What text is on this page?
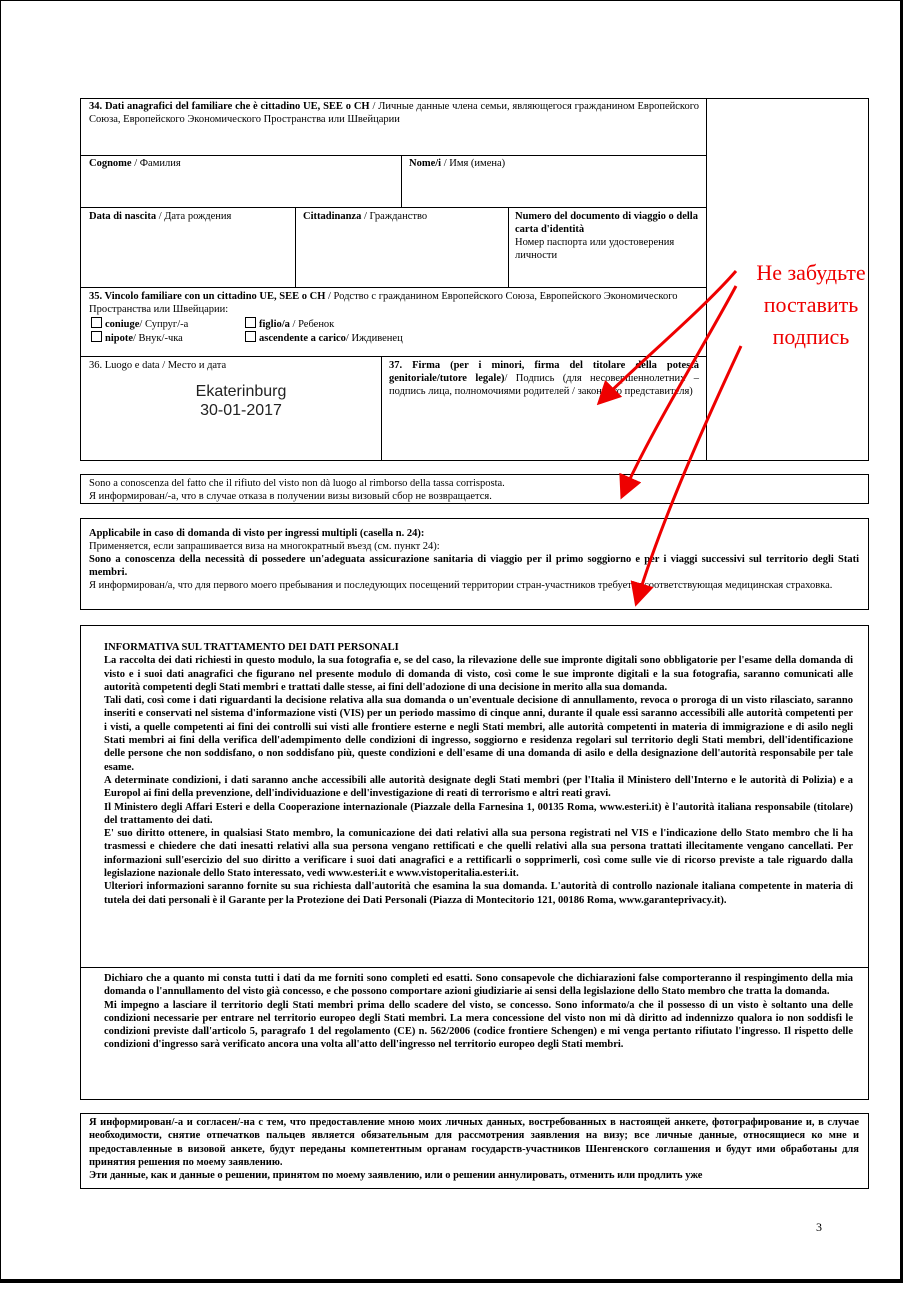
34. Dati anagrafici del familiare che è cittadino UE, SEE o CH / Личные данные члена семьи, являющегося гражданином Европейского Союза, Европейского Экономического Пространства или Швейцарии
Cognome / Фамилия	Nome/i / Имя (имена)
Data di nascita / Дата рождения	Cittadinanza / Гражданство	Numero del documento di viaggio o della carta d'identità
Номер паспорта или удостоверения личности
35. Vincolo familiare con un cittadino UE, SEE o CH / Родство с гражданином Европейского Союза, Европейского Экономического Пространства или Швейцарии:
coniuge/ Супруг/-а	figlio/a / Ребенок
nipote/ Внук/-чка	ascendente a carico/ Иждивенец
36. Luogo e data / Место и дата
Ekaterinburg
30-01-2017
37. Firma (per i minori, firma del titolare della potestà genitoriale/tutore legale)/ Подпись (для несовершеннолетних – подпись лица, полномочиями родителей / законного представителя)
Sono a conoscenza del fatto che il rifiuto del visto non dà luogo al rimborso della tassa corrisposta.
Я информирован/-а, что в случае отказа в получении визы визовый сбор не возвращается.
Applicabile in caso di domanda di visto per ingressi multipli (casella n. 24):
Применяется, если запрашивается виза на многократный въезд (см. пункт 24):
Sono a conoscenza della necessità di possedere un'adeguata assicurazione sanitaria di viaggio per il primo soggiorno e per i viaggi successivi sul territorio degli Stati membri.
Я информирован/а, что для первого моего пребывания и последующих посещений территории стран-участников требуется соответствующая медицинская страховка.

INFORMATIVA SUL TRATTAMENTO DEI DATI PERSONALI

La raccolta dei dati richiesti in questo modulo, la sua fotografia e, se del caso, la rilevazione delle sue impronte digitali sono obbligatorie per l'esame della domanda di visto e i suoi dati anagrafici che figurano nel presente modulo di domanda di visto, così come le sue impronte digitali e la sua fotografia, saranno comunicati alle autorità competenti degli Stati membri e trattati dalle stesse, ai fini dell'adozione di una decisione in merito alla sua domanda.

Tali dati, così come i dati riguardanti la decisione relativa alla sua domanda o un'eventuale decisione di annullamento, revoca o proroga di un visto rilasciato, saranno inseriti e conservati nel sistema d'informazione visti (VIS) per un periodo massimo di cinque anni, durante il quale essi saranno accessibili alle autorità competenti per i visti, a quelle competenti ai fini dei controlli sui visti alle frontiere esterne e negli Stati membri, alle autorità competenti in materia di immigrazione e di asilo negli Stati membri ai fini della verifica dell'adempimento delle condizioni di ingresso, soggiorno e residenza regolari sul territorio degli Stati membri, dell'identificazione delle persone che non soddisfano, o non soddisfano più, queste condizioni e dell'esame di una domanda di asilo e della designazione dell'autorità responsabile per tale esame.

A determinate condizioni, i dati saranno anche accessibili alle autorità designate degli Stati membri (per l'Italia il Ministero dell'Interno e le autorità di Polizia) e a Europol ai fini della prevenzione, dell'individuazione e dell'investigazione di reati di terrorismo e altri reati gravi.

Il Ministero degli Affari Esteri e della Cooperazione internazionale (Piazzale della Farnesina 1, 00135 Roma, www.esteri.it) è l'autorità italiana responsabile (titolare) del trattamento dei dati.

E' suo diritto ottenere, in qualsiasi Stato membro, la comunicazione dei dati relativi alla sua persona registrati nel VIS e l'indicazione dello Stato membro che li ha trasmessi e chiedere che dati inesatti relativi alla sua persona vengano rettificati e che quelli relativi alla sua persona trattati illecitamente vengano cancellati. Per informazioni sull'esercizio del suo diritto a verificare i suoi dati anagrafici e a rettificarli o sopprimerli, così come sulle vie di ricorso previste a tale riguardo dalla legislazione nazionale dello Stato interessato, vedi www.esteri.it e www.vistoperitalia.esteri.it.

Ulteriori informazioni saranno fornite su sua richiesta dall'autorità che esamina la sua domanda. L'autorità di controllo nazionale italiana competente in materia di tutela dei dati personali è il Garante per la Protezione dei Dati Personali (Piazza di Montecitorio 121, 00186 Roma, www.garanteprivacy.it).

Dichiaro che a quanto mi consta tutti i dati da me forniti sono completi ed esatti. Sono consapevole che dichiarazioni false comporteranno il respingimento della mia domanda o l'annullamento del visto già concesso, e che possono comportare azioni giudiziarie ai sensi della legislazione dello Stato membro che tratta la domanda.

Mi impegno a lasciare il territorio degli Stati membri prima dello scadere del visto, se concesso. Sono informato/a che il possesso di un visto è soltanto una delle condizioni necessarie per entrare nel territorio europeo degli Stati membri. La mera concessione del visto non mi dà diritto ad indennizzo qualora io non soddisfi le condizioni previste dall'articolo 5, paragrafo 1 del regolamento (CE) n. 562/2006 (codice frontiere Schengen) e mi venga pertanto rifiutato l'ingresso. Il rispetto delle condizioni d'ingresso sarà verificato ancora una volta all'atto dell'ingresso nel territorio europeo degli Stati membri.

Я информирован/-а и согласен/-на с тем, что предоставление мною моих личных данных, востребованных в настоящей анкете, фотографирование и, в случае необходимости, снятие отпечатков пальцев является обязательным для рассмотрения заявления на визу; все личные данные, относящиеся ко мне и предоставленные в визовой анкете, будут переданы компетентным органам государств-участников Шенгенского соглашения и будут ими обработаны для принятия решения по моему заявлению.

Эти данные, как и данные о решении, принятом по моему заявлению, или о решении аннулировать, отменить или продлить уже

3
Не забудьте
поставить
подпись
